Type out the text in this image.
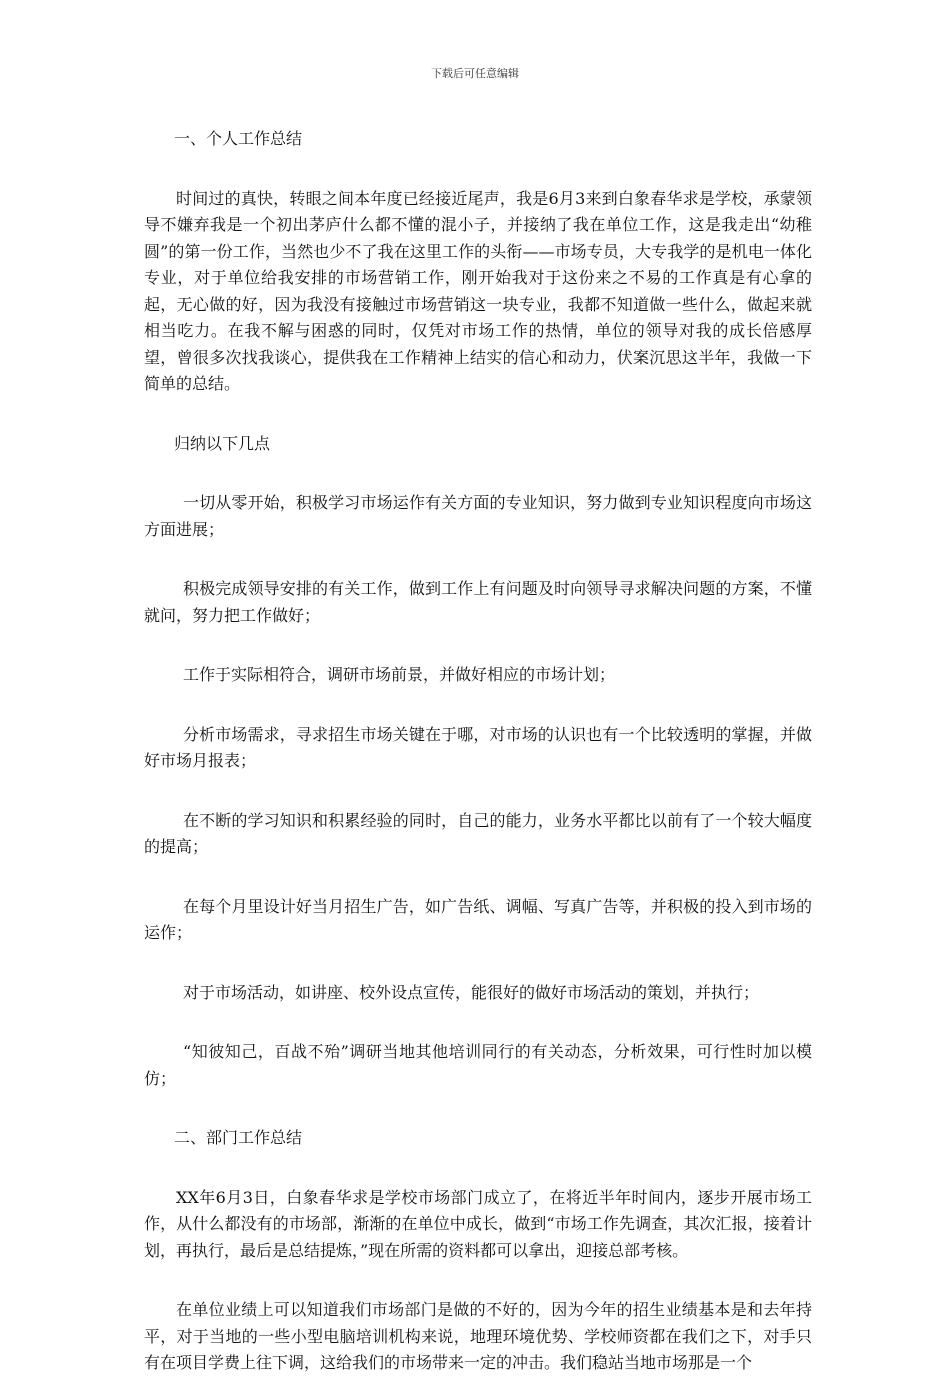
下载后可任意编辑

一、个人工作总结

时间过的真快，转眼之间本年度已经接近尾声，我是6月3来到白象春华求是学校，承蒙领导不嫌弃我是一个初出茅庐什么都不懂的混小子，并接纳了我在单位工作，这是我走出“幼稚圆”的第一份工作，当然也少不了我在这里工作的头衔——市场专员，大专我学的是机电一体化专业，对于单位给我安排的市场营销工作，刚开始我对于这份来之不易的工作真是有心拿的起，无心做的好，因为我没有接触过市场营销这一块专业，我都不知道做一些什么，做起来就相当吃力。在我不解与困惑的同时，仅凭对市场工作的热情，单位的领导对我的成长倍感厚望，曾很多次找我谈心，提供我在工作精神上结实的信心和动力，伏案沉思这半年，我做一下简单的总结。

归纳以下几点

一切从零开始，积极学习市场运作有关方面的专业知识，努力做到专业知识程度向市场这方面进展；

积极完成领导安排的有关工作，做到工作上有问题及时向领导寻求解决问题的方案，不懂就问，努力把工作做好；

工作于实际相符合，调研市场前景，并做好相应的市场计划；

分析市场需求，寻求招生市场关键在于哪，对市场的认识也有一个比较透明的掌握，并做好市场月报表；

在不断的学习知识和积累经验的同时，自己的能力，业务水平都比以前有了一个较大幅度的提高；

在每个月里设计好当月招生广告，如广告纸、调幅、写真广告等，并积极的投入到市场的运作；

对于市场活动，如讲座、校外设点宣传，能很好的做好市场活动的策划，并执行；

“知彼知己，百战不殆”调研当地其他培训同行的有关动态，分析效果，可行性时加以模仿；

二、部门工作总结

XX年6月3日，白象春华求是学校市场部门成立了，在将近半年时间内，逐步开展市场工作，从什么都没有的市场部，渐渐的在单位中成长，做到“市场工作先调查，其次汇报，接着计划，再执行，最后是总结提炼，”现在所需的资料都可以拿出，迎接总部考核。

在单位业绩上可以知道我们市场部门是做的不好的，因为今年的招生业绩基本是和去年持平，对于当地的一些小型电脑培训机构来说，地理环境优势、学校师资都在我们之下，对手只有在项目学费上往下调，这给我们的市场带来一定的冲击。我们稳站当地市场那是一个
